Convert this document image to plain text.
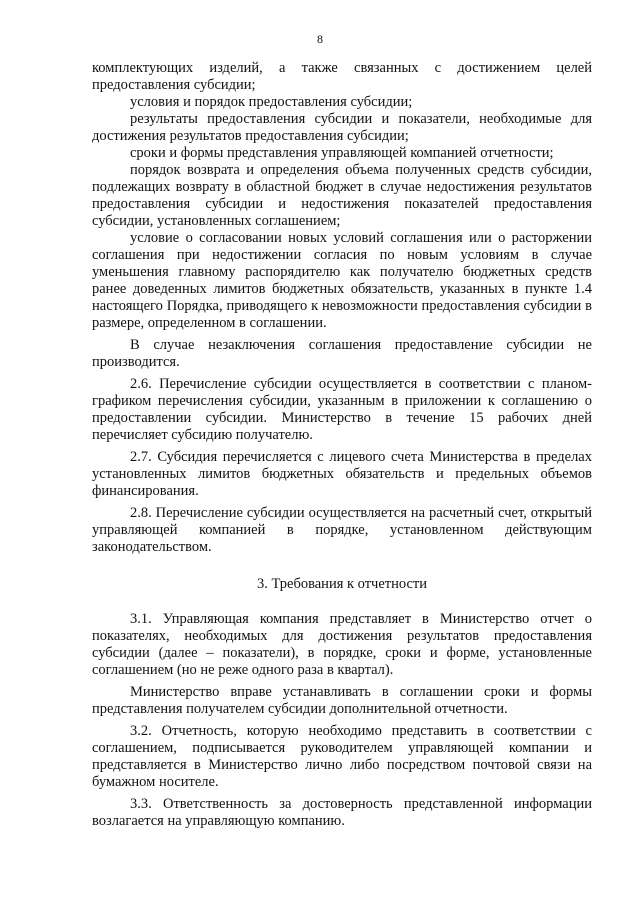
8

комплектующих изделий, а также связанных с достижением целей предоставления субсидии;

условия и порядок предоставления субсидии;

результаты предоставления субсидии и показатели, необходимые для достижения результатов предоставления субсидии;

сроки и формы представления управляющей компанией отчетности;

порядок возврата и определения объема полученных средств субсидии, подлежащих возврату в областной бюджет в случае недостижения результатов предоставления субсидии и недостижения показателей предоставления субсидии, установленных соглашением;

условие о согласовании новых условий соглашения или о расторжении соглашения при недостижении согласия по новым условиям в случае уменьшения главному распорядителю как получателю бюджетных средств ранее доведенных лимитов бюджетных обязательств, указанных в пункте 1.4 настоящего Порядка, приводящего к невозможности предоставления субсидии в размере, определенном в соглашении.

В случае незаключения соглашения предоставление субсидии не производится.

2.6. Перечисление субсидии осуществляется в соответствии с планом-графиком перечисления субсидии, указанным в приложении к соглашению о предоставлении субсидии. Министерство в течение 15 рабочих дней перечисляет субсидию получателю.

2.7. Субсидия перечисляется с лицевого счета Министерства в пределах установленных лимитов бюджетных обязательств и предельных объемов финансирования.

2.8. Перечисление субсидии осуществляется на расчетный счет, открытый управляющей компанией в порядке, установленном действующим законодательством.

3. Требования к отчетности

3.1. Управляющая компания представляет в Министерство отчет о показателях, необходимых для достижения результатов предоставления субсидии (далее – показатели), в порядке, сроки и форме, установленные соглашением (но не реже одного раза в квартал).

Министерство вправе устанавливать в соглашении сроки и формы представления получателем субсидии дополнительной отчетности.

3.2. Отчетность, которую необходимо представить в соответствии с соглашением, подписывается руководителем управляющей компании и представляется в Министерство лично либо посредством почтовой связи на бумажном носителе.

3.3. Ответственность за достоверность представленной информации возлагается на управляющую компанию.
